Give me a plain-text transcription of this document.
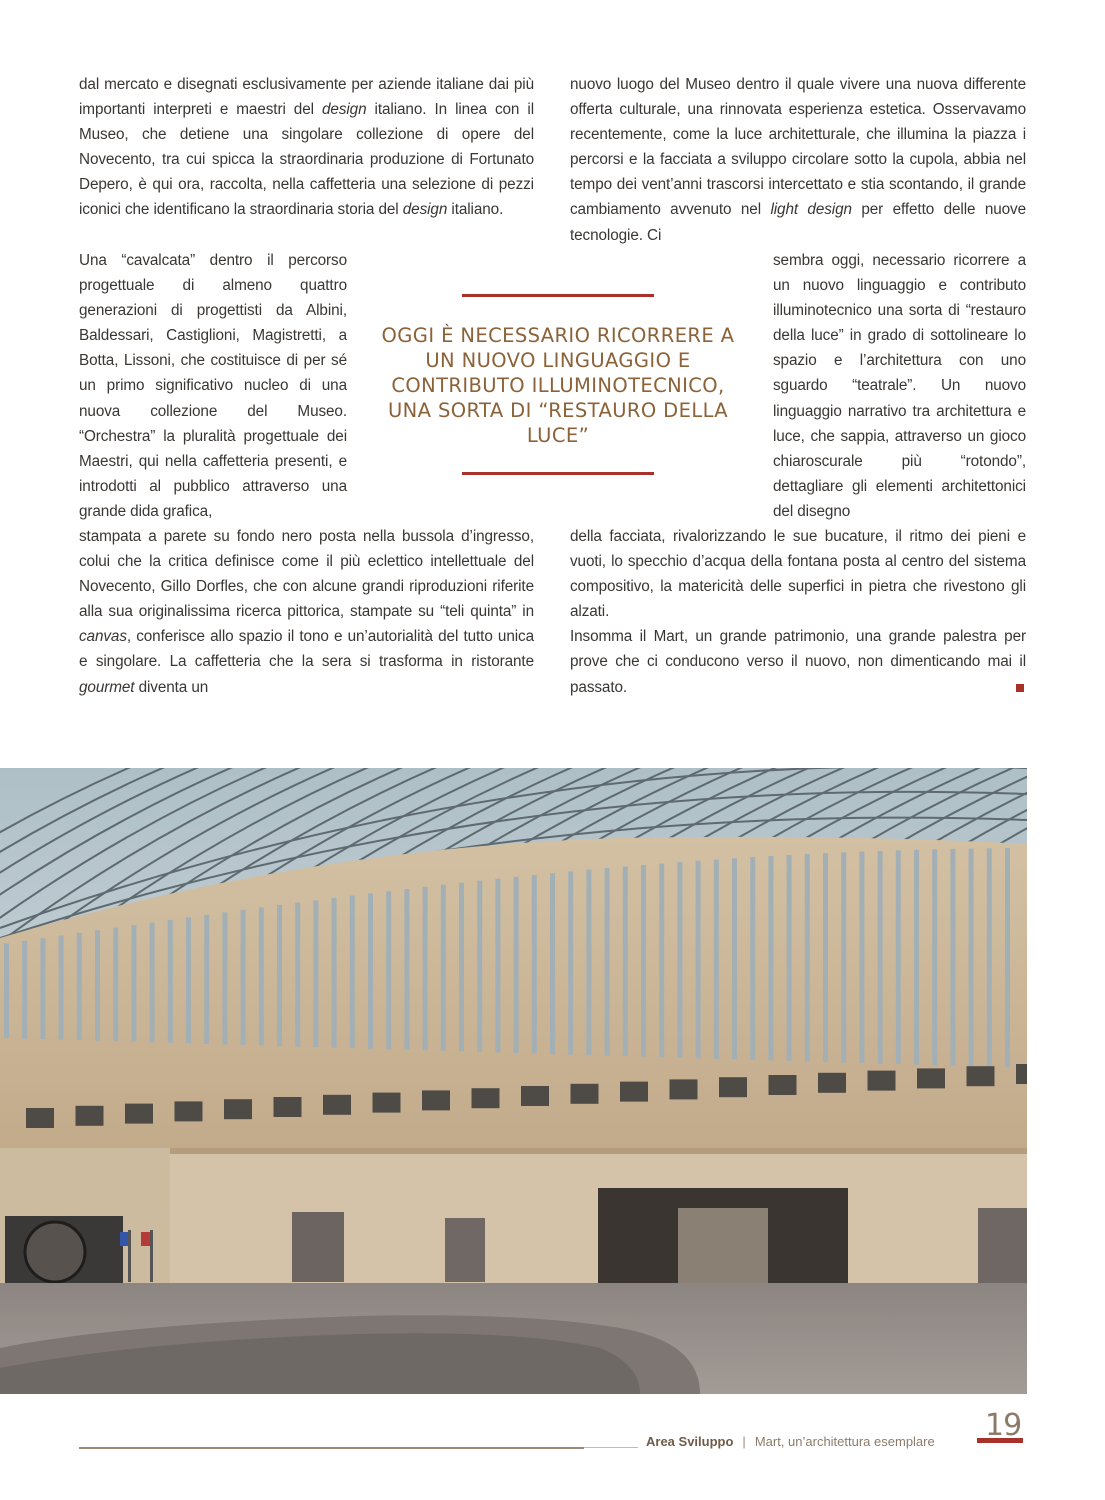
dal mercato e disegnati esclusivamente per aziende italiane dai più importanti interpreti e maestri del design italiano. In linea con il Museo, che detiene una singolare collezione di opere del Novecento, tra cui spicca la straordinaria produzione di Fortunato Depero, è qui ora, raccolta, nella caffetteria una selezione di pezzi iconici che identificano la straordinaria storia del design italiano.

Una “cavalcata” dentro il percorso progettuale di almeno quattro generazioni di progettisti da Albini, Baldessari, Castiglioni, Magistretti, a Botta, Lissoni, che costituisce di per sé un primo significativo nucleo di una nuova collezione del Museo. “Orchestra” la pluralità progettuale dei Maestri, qui nella caffetteria presenti, e introdotti al pubblico attraverso una grande dida grafica,

stampata a parete su fondo nero posta nella bussola d’ingresso, colui che la critica definisce come il più eclettico intellettuale del Novecento, Gillo Dorfles, che con alcune grandi riproduzioni riferite alla sua originalissima ricerca pittorica, stampate su “teli quinta” in canvas, conferisce allo spazio il tono e un’autorialità del tutto unica e singolare. La caffetteria che la sera si trasforma in ristorante gourmet diventa un

nuovo luogo del Museo dentro il quale vivere una nuova differente offerta culturale, una rinnovata esperienza estetica. Osservavamo recentemente, come la luce architetturale, che illumina la piazza i percorsi e la facciata a sviluppo circolare sotto la cupola, abbia nel tempo dei vent’anni trascorsi intercettato e stia scontando, il grande cambiamento avvenuto nel light design per effetto delle nuove tecnologie. Ci

sembra oggi, necessario ricorrere a un nuovo linguaggio e contributo illuminotecnico una sorta di “restauro della luce” in grado di sottolineare lo spazio e l’architettura con uno sguardo “teatrale”. Un nuovo linguaggio narrativo tra architettura e luce, che sappia, attraverso un gioco chiaroscurale più “rotondo”, dettagliare gli elementi architettonici del disegno

della facciata, rivalorizzando le sue bucature, il ritmo dei pieni e vuoti, lo specchio d’acqua della fontana posta al centro del sistema compositivo, la matericità delle superfici in pietra che rivestono gli alzati.

Insomma il Mart, un grande patrimonio, una grande palestra per prove che ci conducono verso il nuovo, non dimenticando mai il passato.

OGGI È NECESSARIO RICORRERE A UN NUOVO LINGUAGGIO E CONTRIBUTO ILLUMINOTECNICO, UNA SORTA DI “RESTAURO DELLA LUCE”
Area Sviluppo | Mart, un’architettura esemplare 19
